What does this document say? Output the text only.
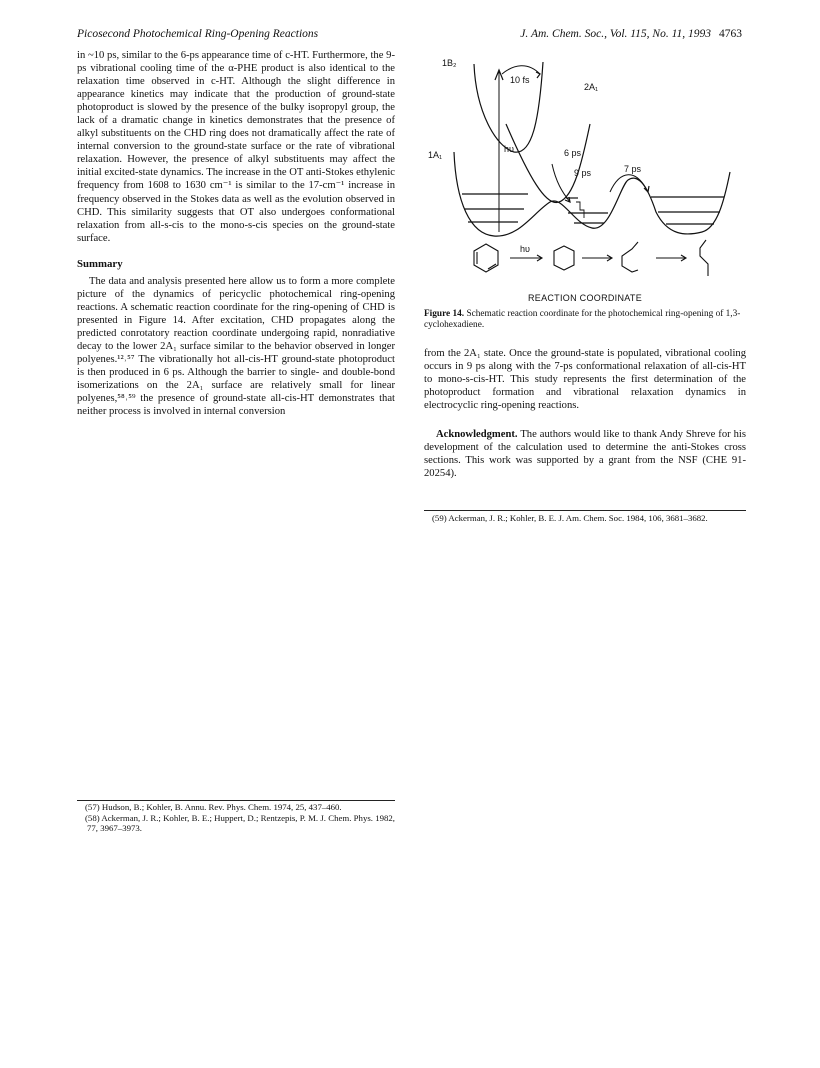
Picosecond Photochemical Ring-Opening Reactions	J. Am. Chem. Soc., Vol. 115, No. 11, 1993 4763

in ~10 ps, similar to the 6-ps appearance time of c-HT. Furthermore, the 9-ps vibrational cooling time of the α-PHE product is also identical to the relaxation time observed in c-HT. Although the slight difference in appearance kinetics may indicate that the production of ground-state photoproduct is slowed by the presence of the bulky isopropyl group, the lack of a dramatic change in kinetics demonstrates that the presence of alkyl substituents on the CHD ring does not dramatically affect the rate of internal conversion to the ground-state surface or the rate of vibrational relaxation. However, the presence of alkyl substituents may affect the initial excited-state dynamics. The increase in the OT anti-Stokes ethylenic frequency from 1608 to 1630 cm⁻¹ is similar to the 17-cm⁻¹ increase in frequency observed in the Stokes data as well as the evolution observed in CHD. This similarity suggests that OT also undergoes conformational relaxation from all-s-cis to the mono-s-cis species on the ground-state surface.

Summary

The data and analysis presented here allow us to form a more complete picture of the dynamics of pericyclic photochemical ring-opening reactions. A schematic reaction coordinate for the ring-opening of CHD is presented in Figure 14. After excitation, CHD propagates along the predicted conrotatory reaction coordinate undergoing rapid, nonradiative decay to the lower 2A₁ surface similar to the behavior observed in longer polyenes.¹²˒⁵⁷ The vibrationally hot all-cis-HT ground-state photoproduct is then produced in 6 ps. Although the barrier to single- and double-bond isomerizations on the 2A₁ surface are relatively small for linear polyenes,⁵⁸˒⁵⁹ the presence of ground-state all-cis-HT demonstrates that neither process is involved in internal conversion

(57) Hudson, B.; Kohler, B. Annu. Rev. Phys. Chem. 1974, 25, 437–460.

(58) Ackerman, J. R.; Kohler, B. E.; Huppert, D.; Rentzepis, P. M. J. Chem. Phys. 1982, 77, 3967–3973.

1B₂
2A₁
1A₁
10 fs
hυ	6 ps
9 ps	7 ps
hυ
REACTION COORDINATE
Figure 14. Schematic reaction coordinate for the photochemical ring-opening of 1,3-cyclohexadiene.

from the 2A₁ state. Once the ground-state is populated, vibrational cooling occurs in 9 ps along with the 7-ps conformational relaxation of all-cis-HT to mono-s-cis-HT. This study represents the first determination of the photoproduct formation and vibrational relaxation dynamics in electrocyclic ring-opening reactions.

Acknowledgment. The authors would like to thank Andy Shreve for his development of the calculation used to determine the anti-Stokes cross sections. This work was supported by a grant from the NSF (CHE 91-20254).

(59) Ackerman, J. R.; Kohler, B. E. J. Am. Chem. Soc. 1984, 106, 3681–3682.
